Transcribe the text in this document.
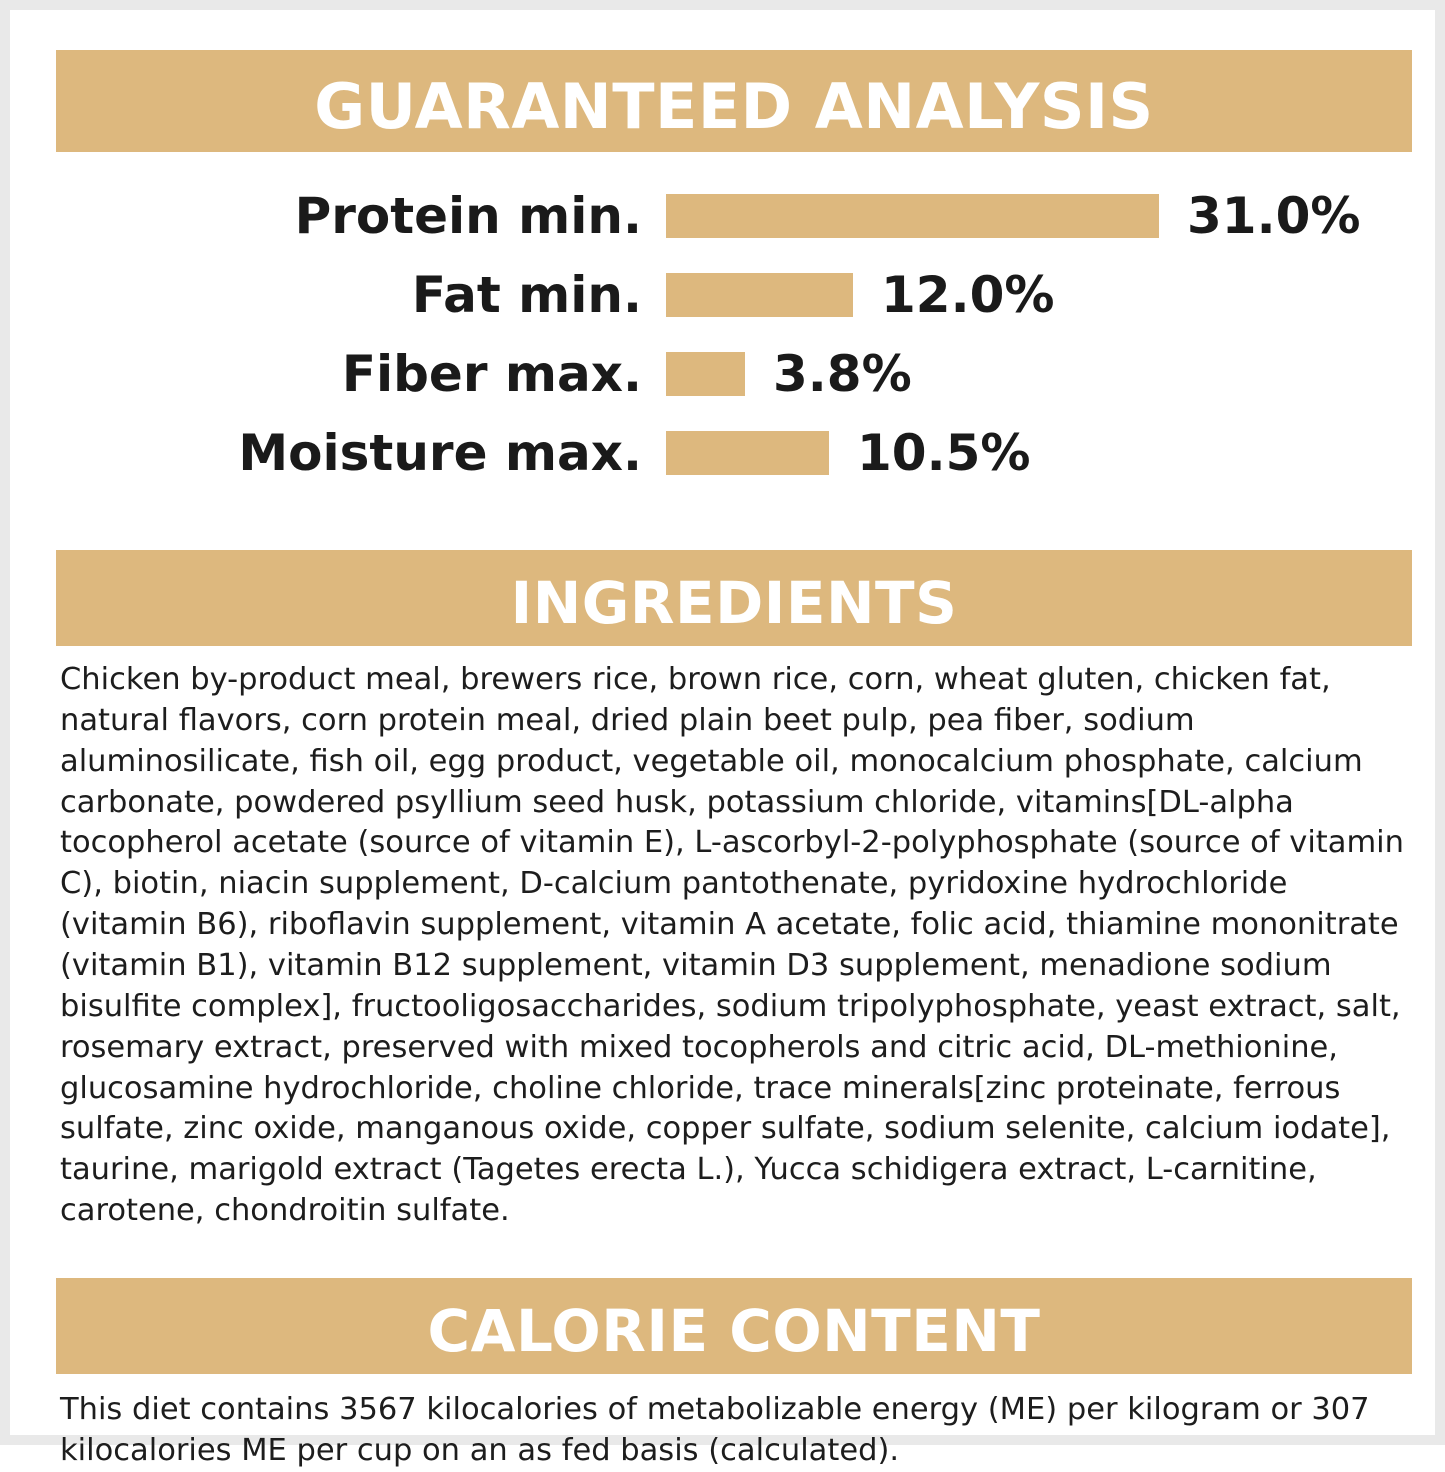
GUARANTEED ANALYSIS
Protein min.	31.0%
Fat min.	12.0%
Fiber max.	3.8%
Moisture max.	10.5%
INGREDIENTS
Chicken by-product meal, brewers rice, brown rice, corn, wheat gluten, chicken fat, natural flavors, corn protein meal, dried plain beet pulp, pea fiber, sodium aluminosilicate, fish oil, egg product, vegetable oil, monocalcium phosphate, calcium carbonate, powdered psyllium seed husk, potassium chloride, vitamins[DL-alpha tocopherol acetate (source of vitamin E), L-ascorbyl-2-polyphosphate (source of vitamin C), biotin, niacin supplement, D-calcium pantothenate, pyridoxine hydrochloride (vitamin B6), riboflavin supplement, vitamin A acetate, folic acid, thiamine mononitrate (vitamin B1), vitamin B12 supplement, vitamin D3 supplement, menadione sodium bisulfite complex], fructooligosaccharides, sodium tripolyphosphate, yeast extract, salt, rosemary extract, preserved with mixed tocopherols and citric acid, DL-methionine, glucosamine hydrochloride, choline chloride, trace minerals[zinc proteinate, ferrous sulfate, zinc oxide, manganous oxide, copper sulfate, sodium selenite, calcium iodate], taurine, marigold extract (Tagetes erecta L.), Yucca schidigera extract, L-carnitine, carotene, chondroitin sulfate.
CALORIE CONTENT
This diet contains 3567 kilocalories of metabolizable energy (ME) per kilogram or 307 kilocalories ME per cup on an as fed basis (calculated).
